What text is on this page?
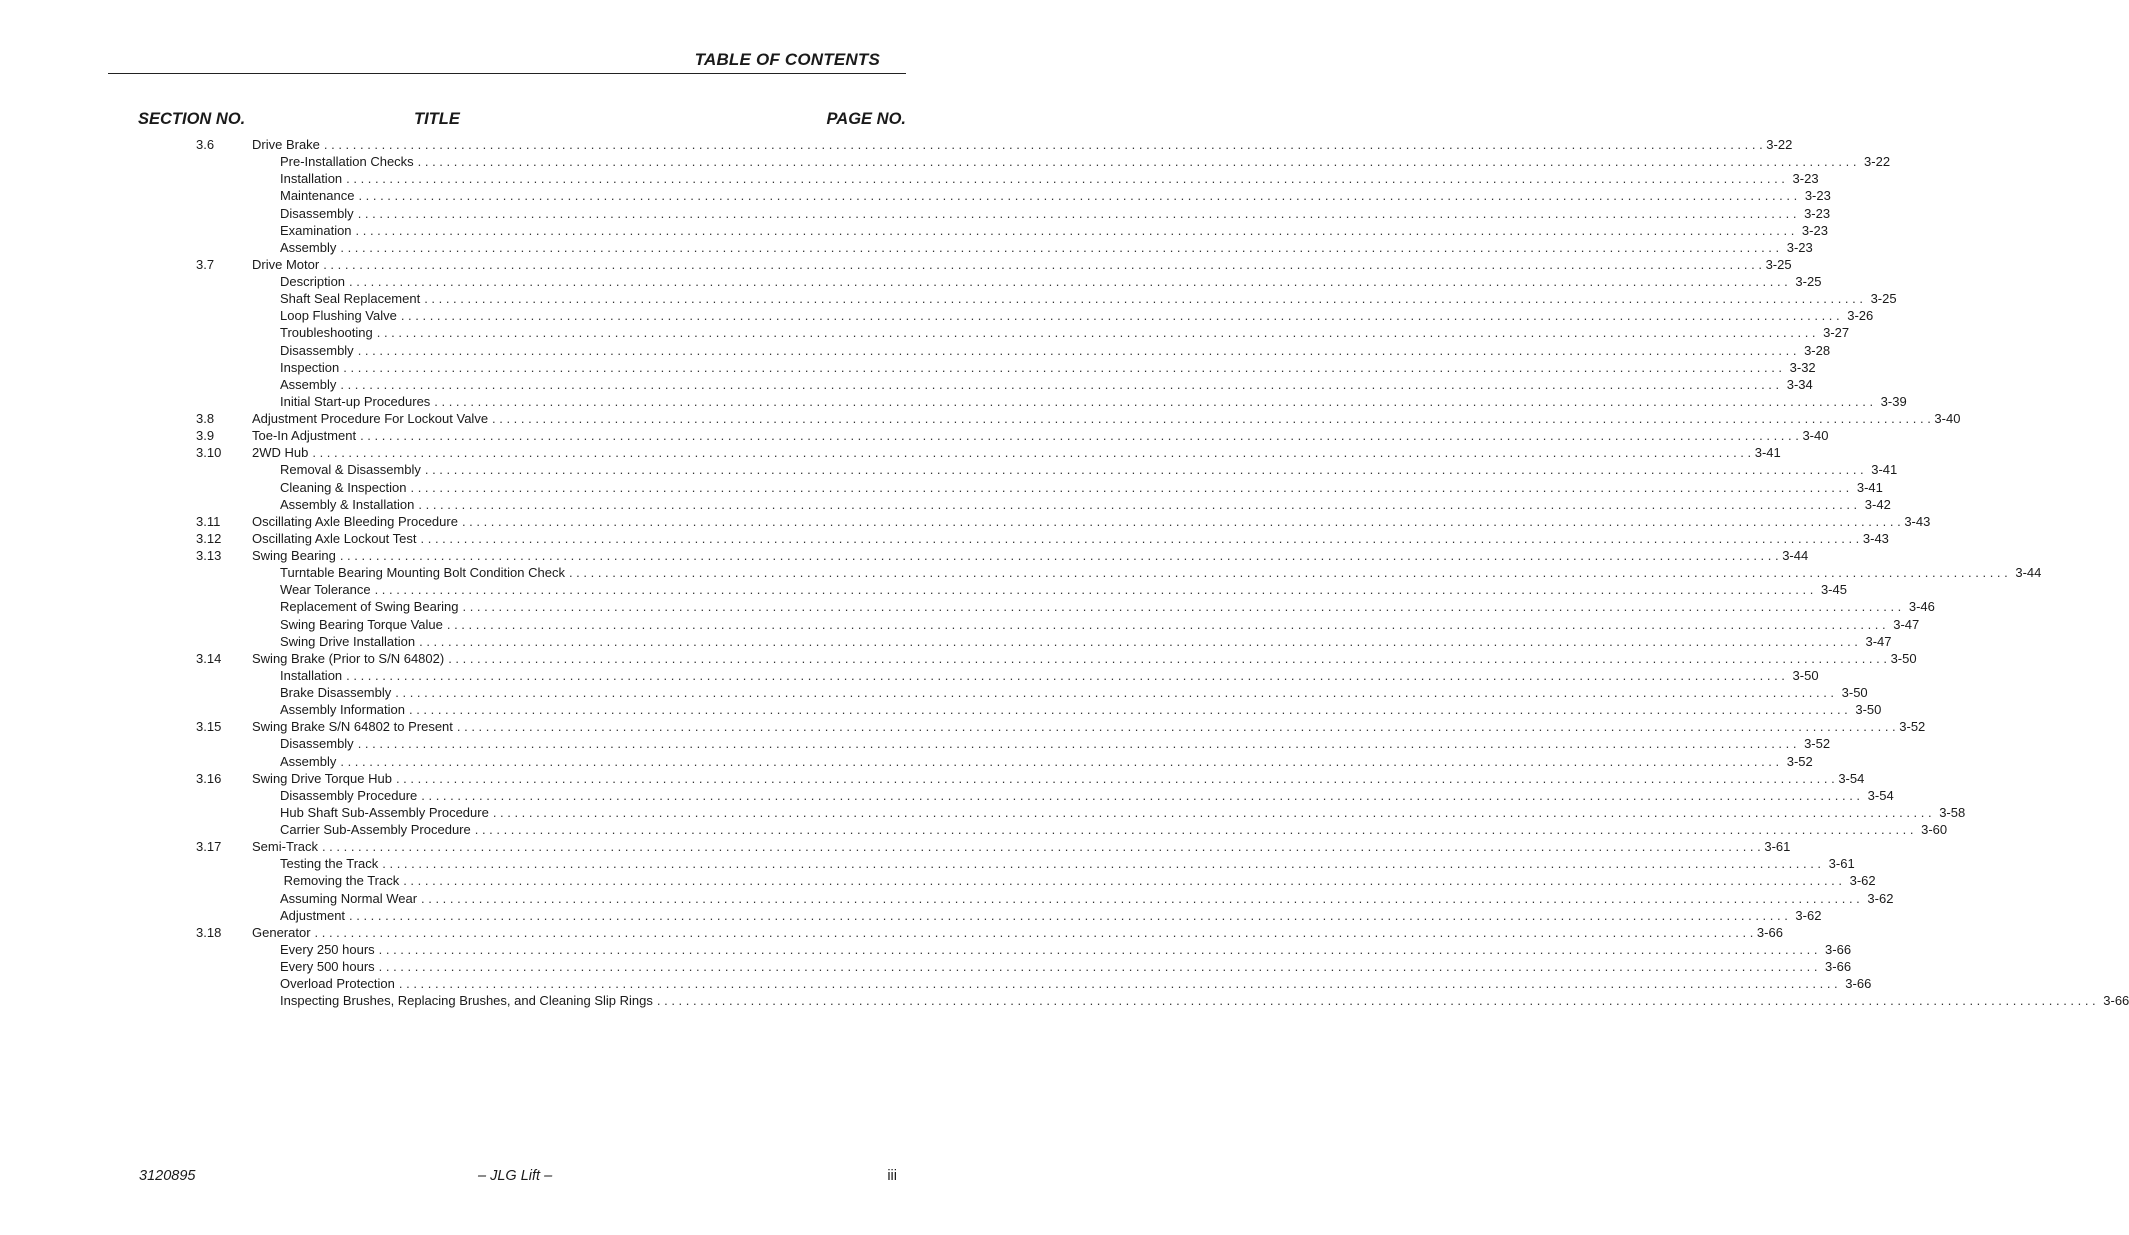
TABLE OF CONTENTS
SECTION NO.	TITLE	PAGE NO.
3.6	Drive Brake ........................................................................................................................................................................................................ 3-22
Pre-Installation Checks ........................................................................................................................................................................................................ 3-22
Installation ........................................................................................................................................................................................................ 3-23
Maintenance ........................................................................................................................................................................................................ 3-23
Disassembly ........................................................................................................................................................................................................ 3-23
Examination ........................................................................................................................................................................................................ 3-23
Assembly ........................................................................................................................................................................................................ 3-23
3.7	Drive Motor ........................................................................................................................................................................................................ 3-25
Description ........................................................................................................................................................................................................ 3-25
Shaft Seal Replacement ........................................................................................................................................................................................................ 3-25
Loop Flushing Valve ........................................................................................................................................................................................................ 3-26
Troubleshooting ........................................................................................................................................................................................................ 3-27
Disassembly ........................................................................................................................................................................................................ 3-28
Inspection ........................................................................................................................................................................................................ 3-32
Assembly ........................................................................................................................................................................................................ 3-34
Initial Start-up Procedures ........................................................................................................................................................................................................ 3-39
3.8	Adjustment Procedure For Lockout Valve ........................................................................................................................................................................................................ 3-40
3.9	Toe-In Adjustment ........................................................................................................................................................................................................ 3-40
3.10 2WD Hub ........................................................................................................................................................................................................ 3-41
Removal & Disassembly ........................................................................................................................................................................................................ 3-41
Cleaning & Inspection ........................................................................................................................................................................................................ 3-41
Assembly & Installation ........................................................................................................................................................................................................ 3-42
3.11 Oscillating Axle Bleeding Procedure ........................................................................................................................................................................................................ 3-43
3.12 Oscillating Axle Lockout Test ........................................................................................................................................................................................................ 3-43
3.13 Swing Bearing ........................................................................................................................................................................................................ 3-44
Turntable Bearing Mounting Bolt Condition Check ........................................................................................................................................................................................................ 3-44
Wear Tolerance ........................................................................................................................................................................................................ 3-45
Replacement of Swing Bearing ........................................................................................................................................................................................................ 3-46
Swing Bearing Torque Value ........................................................................................................................................................................................................ 3-47
Swing Drive Installation ........................................................................................................................................................................................................ 3-47
3.14 Swing Brake (Prior to S/N 64802) ........................................................................................................................................................................................................ 3-50
Installation ........................................................................................................................................................................................................ 3-50
Brake Disassembly ........................................................................................................................................................................................................ 3-50
Assembly Information ........................................................................................................................................................................................................ 3-50
3.15 Swing Brake S/N 64802 to Present ........................................................................................................................................................................................................ 3-52
Disassembly ........................................................................................................................................................................................................ 3-52
Assembly ........................................................................................................................................................................................................ 3-52
3.16 Swing Drive Torque Hub ........................................................................................................................................................................................................ 3-54
Disassembly Procedure ........................................................................................................................................................................................................ 3-54
Hub Shaft Sub-Assembly Procedure ........................................................................................................................................................................................................ 3-58
Carrier Sub-Assembly Procedure ........................................................................................................................................................................................................ 3-60
3.17 Semi-Track ........................................................................................................................................................................................................ 3-61
Testing the Track ........................................................................................................................................................................................................ 3-61
Removing the Track ........................................................................................................................................................................................................ 3-62
Assuming Normal Wear ........................................................................................................................................................................................................ 3-62
Adjustment ........................................................................................................................................................................................................ 3-62
3.18 Generator ........................................................................................................................................................................................................ 3-66
Every 250 hours ........................................................................................................................................................................................................ 3-66
Every 500 hours ........................................................................................................................................................................................................ 3-66
Overload Protection ........................................................................................................................................................................................................ 3-66
Inspecting Brushes, Replacing Brushes, and Cleaning Slip Rings ........................................................................................................................................................................................................ 3-66
3120895	– JLG Lift –	iii
